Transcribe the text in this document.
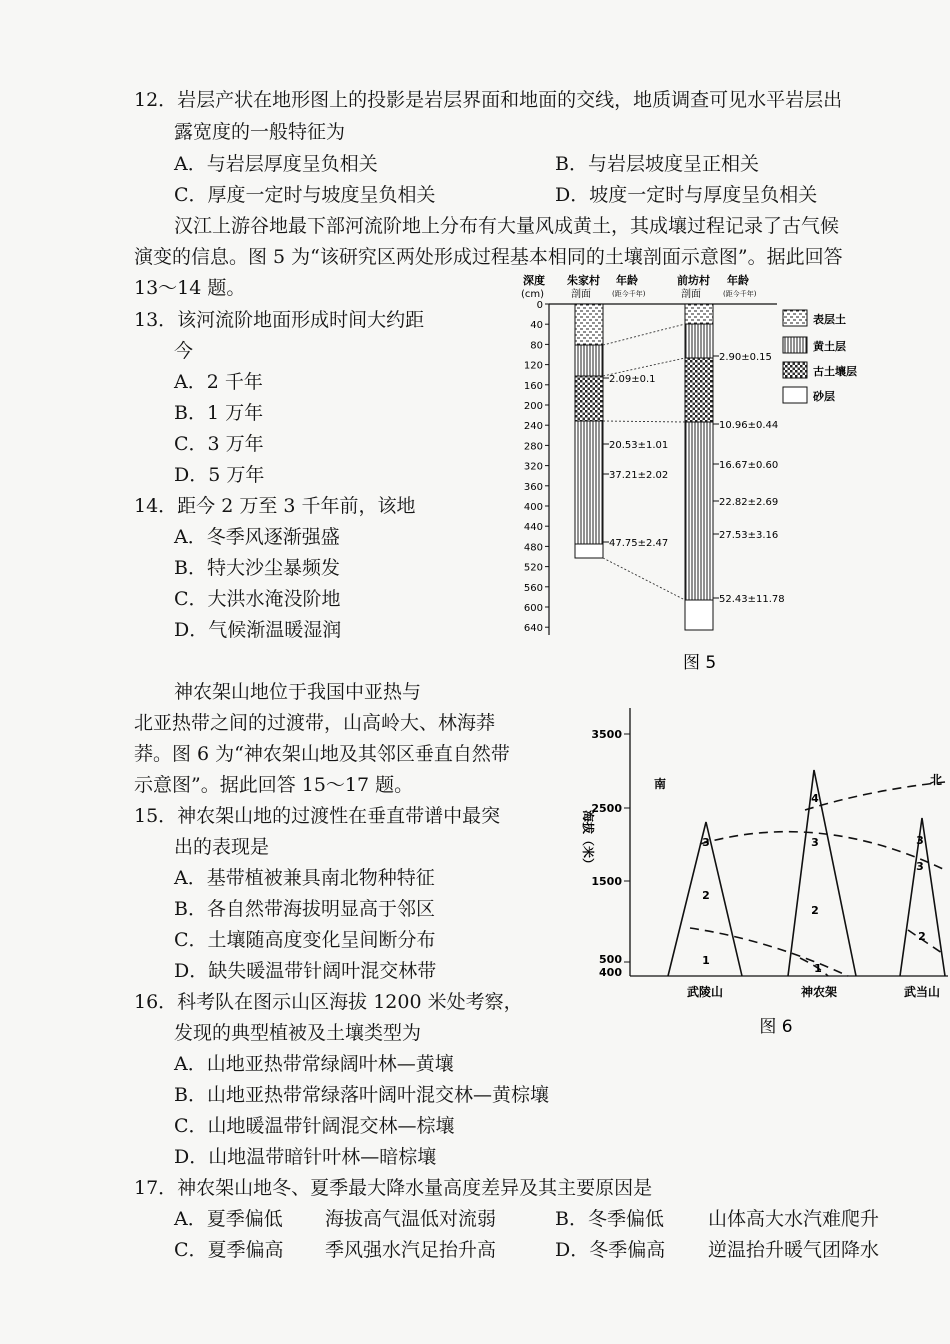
12．岩层产状在地形图上的投影是岩层界面和地面的交线，地质调查可见水平岩层出
露宽度的一般特征为
A．与岩层厚度呈负相关	B．与岩层坡度呈正相关
C．厚度一定时与坡度呈负相关	D．坡度一定时与厚度呈负相关
汉江上游谷地最下部河流阶地上分布有大量风成黄土，其成壤过程记录了古气候
演变的信息。图 5 为“该研究区两处形成过程基本相同的土壤剖面示意图”。据此回答
13～14 题。
13．该河流阶地面形成时间大约距
今
A．2 千年
B．1 万年
C．3 万年
D．5 万年
14．距今 2 万至 3 千年前，该地
A．冬季风逐渐强盛
B．特大沙尘暴频发
C．大洪水淹没阶地
D．气候渐温暖湿润
深度
(cm)
朱家村
剖面
年龄
(距今千年)
前坊村
剖面
年龄
(距今千年)
0
40
80
120
160
200
240
280
320
360
400
440
480
520
560
600
640
2.09±0.1
20.53±1.01
37.21±2.02
47.75±2.47
2.90±0.15
10.96±0.44
16.67±0.60
22.82±2.69
27.53±3.16
52.43±11.78
表层土
黄土层
古土壤层
砂层
图 5
神农架山地位于我国中亚热与
北亚热带之间的过渡带，山高岭大、林海莽
莽。图 6 为“神农架山地及其邻区垂直自然带
示意图”。据此回答 15～17 题。
15．神农架山地的过渡性在垂直带谱中最突
出的表现是
A．基带植被兼具南北物种特征
B．各自然带海拔明显高于邻区
C．土壤随高度变化呈间断分布
D．缺失暖温带针阔叶混交林带
16．科考队在图示山区海拔 1200 米处考察，
发现的典型植被及土壤类型为
A．山地亚热带常绿阔叶林—黄壤
B．山地亚热带常绿落叶阔叶混交林—黄棕壤
C．山地暖温带针阔混交林—棕壤
D．山地温带暗针叶林—暗棕壤
17．神农架山地冬、夏季最大降水量高度差异及其主要原因是
A．夏季偏低 海拔高气温低对流弱	B．冬季偏低 山体高大水汽难爬升
C．夏季偏高 季风强水汽足抬升高	D．冬季偏高 逆温抬升暖气团降水
3500
2500
1500
500
400
海拔（米）
南	北
3
2
1
4
3
2
1
3
3
2
武陵山	神农架	武当山
图 6
